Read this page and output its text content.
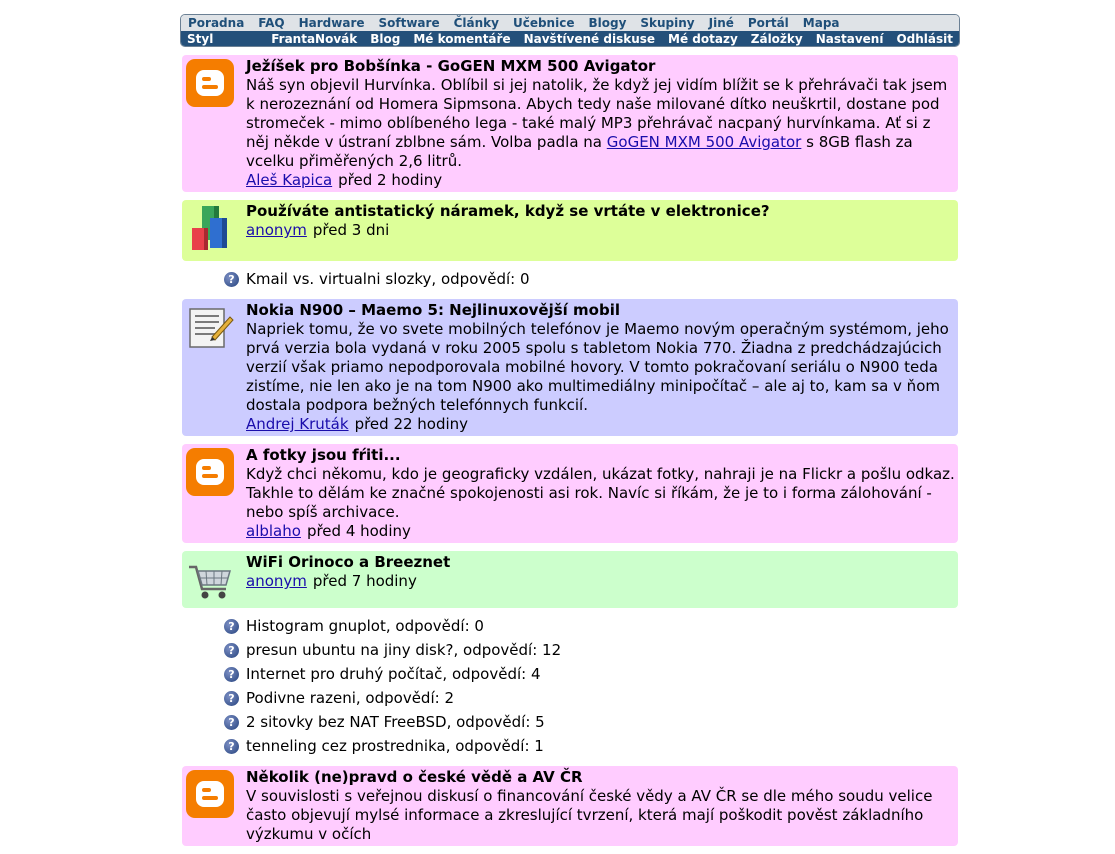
Poradna FAQ Hardware Software Články Učebnice Blogy Skupiny Jiné Portál Mapa
Styl	FrantaNovák Blog Mé komentáře Navštívené diskuse Mé dotazy Záložky Nastavení Odhlásit
Ježíšek pro Bobšínka - GoGEN MXM 500 Avigator
Náš syn objevil Hurvínka. Oblíbil si jej natolik, že když jej vidím blížit se k přehrávači tak jsem k nerozeznání od Homera Sipmsona. Abych tedy naše milované dítko neuškrtil, dostane pod stromeček - mimo oblíbeného lega - také malý MP3 přehrávač nacpaný hurvínkama. Ať si z něj někde v ústraní zblbne sám. Volba padla na GoGEN MXM 500 Avigator s 8GB flash za vcelku přiměřených 2,6 litrů.
Aleš Kapica před 2 hodiny
Používáte antistatický náramek, když se vrtáte v elektronice?
anonym před 3 dni
? Kmail vs. virtualni slozky, odpovědí: 0
Nokia N900 – Maemo 5: Nejlinuxovější mobil
Napriek tomu, že vo svete mobilných telefónov je Maemo novým operačným systémom, jeho prvá verzia bola vydaná v roku 2005 spolu s tabletom Nokia 770. Žiadna z predchádzajúcich verzií však priamo nepodporovala mobilné hovory. V tomto pokračovaní seriálu o N900 teda zistíme, nie len ako je na tom N900 ako multimediálny minipočítač – ale aj to, kam sa v ňom dostala podpora bežných telefónnych funkcií.
Andrej Kruták před 22 hodiny
A fotky jsou fŕiti...
Když chci někomu, kdo je geograficky vzdálen, ukázat fotky, nahraji je na Flickr a pošlu odkaz. Takhle to dělám ke značné spokojenosti asi rok. Navíc si říkám, že je to i forma zálohování - nebo spíš archivace.
alblaho před 4 hodiny
WiFi Orinoco a Breeznet
anonym před 7 hodiny
? Histogram gnuplot, odpovědí: 0
? presun ubuntu na jiny disk?, odpovědí: 12
? Internet pro druhý počítač, odpovědí: 4
? Podivne razeni, odpovědí: 2
? 2 sitovky bez NAT FreeBSD, odpovědí: 5
? tenneling cez prostrednika, odpovědí: 1
Několik (ne)pravd o české vědě a AV ČR
V souvislosti s veřejnou diskusí o financování české vědy a AV ČR se dle mého soudu velice často objevují mylsé informace a zkreslující tvrzení, která mají poškodit pověst základního výzkumu v očích
